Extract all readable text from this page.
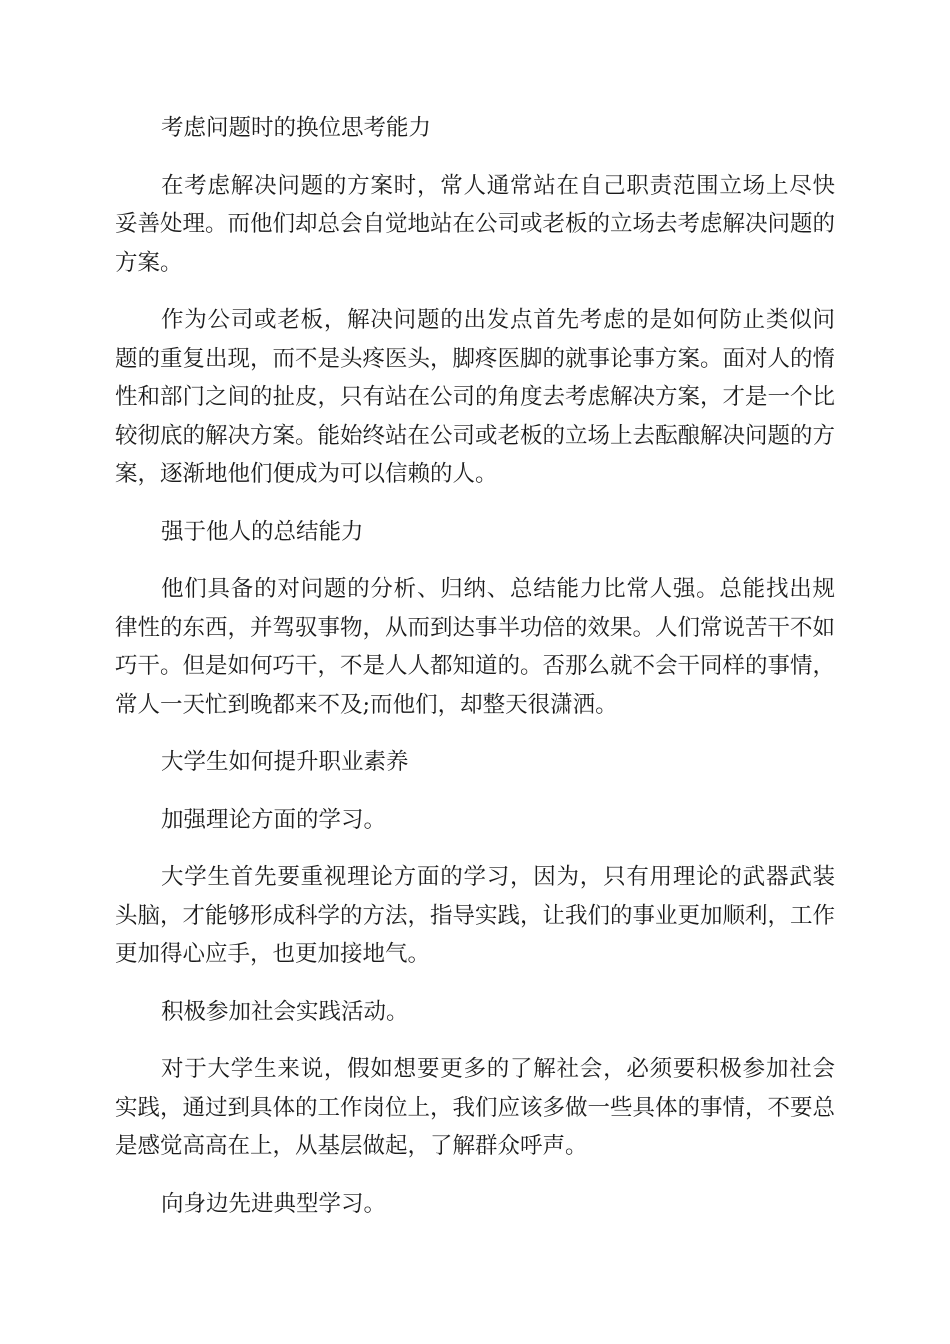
考虑问题时的换位思考能力

在考虑解决问题的方案时，常人通常站在自己职责范围立场上尽快妥善处理。而他们却总会自觉地站在公司或老板的立场去考虑解决问题的方案。

作为公司或老板，解决问题的出发点首先考虑的是如何防止类似问题的重复出现，而不是头疼医头，脚疼医脚的就事论事方案。面对人的惰性和部门之间的扯皮，只有站在公司的角度去考虑解决方案，才是一个比较彻底的解决方案。能始终站在公司或老板的立场上去酝酿解决问题的方案，逐渐地他们便成为可以信赖的人。

强于他人的总结能力

他们具备的对问题的分析、归纳、总结能力比常人强。总能找出规律性的东西，并驾驭事物，从而到达事半功倍的效果。人们常说苦干不如巧干。但是如何巧干，不是人人都知道的。否那么就不会干同样的事情，常人一天忙到晚都来不及;而他们，却整天很潇洒。

大学生如何提升职业素养

加强理论方面的学习。

大学生首先要重视理论方面的学习，因为，只有用理论的武器武装头脑，才能够形成科学的方法，指导实践，让我们的事业更加顺利，工作更加得心应手，也更加接地气。

积极参加社会实践活动。

对于大学生来说，假如想要更多的了解社会，必须要积极参加社会实践，通过到具体的工作岗位上，我们应该多做一些具体的事情，不要总是感觉高高在上，从基层做起，了解群众呼声。

向身边先进典型学习。
